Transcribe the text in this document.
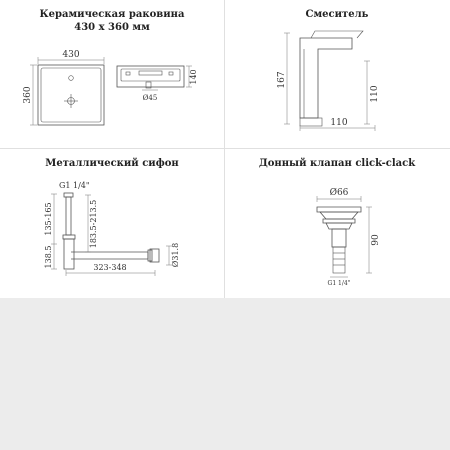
Керамическая раковина
430 x 360 мм
430
360	Ø45
140
Смеситель
167
110
110
Металлический сифон
G1 1/4"
135-165
138.5
183.5-213.5
Ø31.8
323-348
Донный клапан click-clack
Ø66
90
G1 1/4"
